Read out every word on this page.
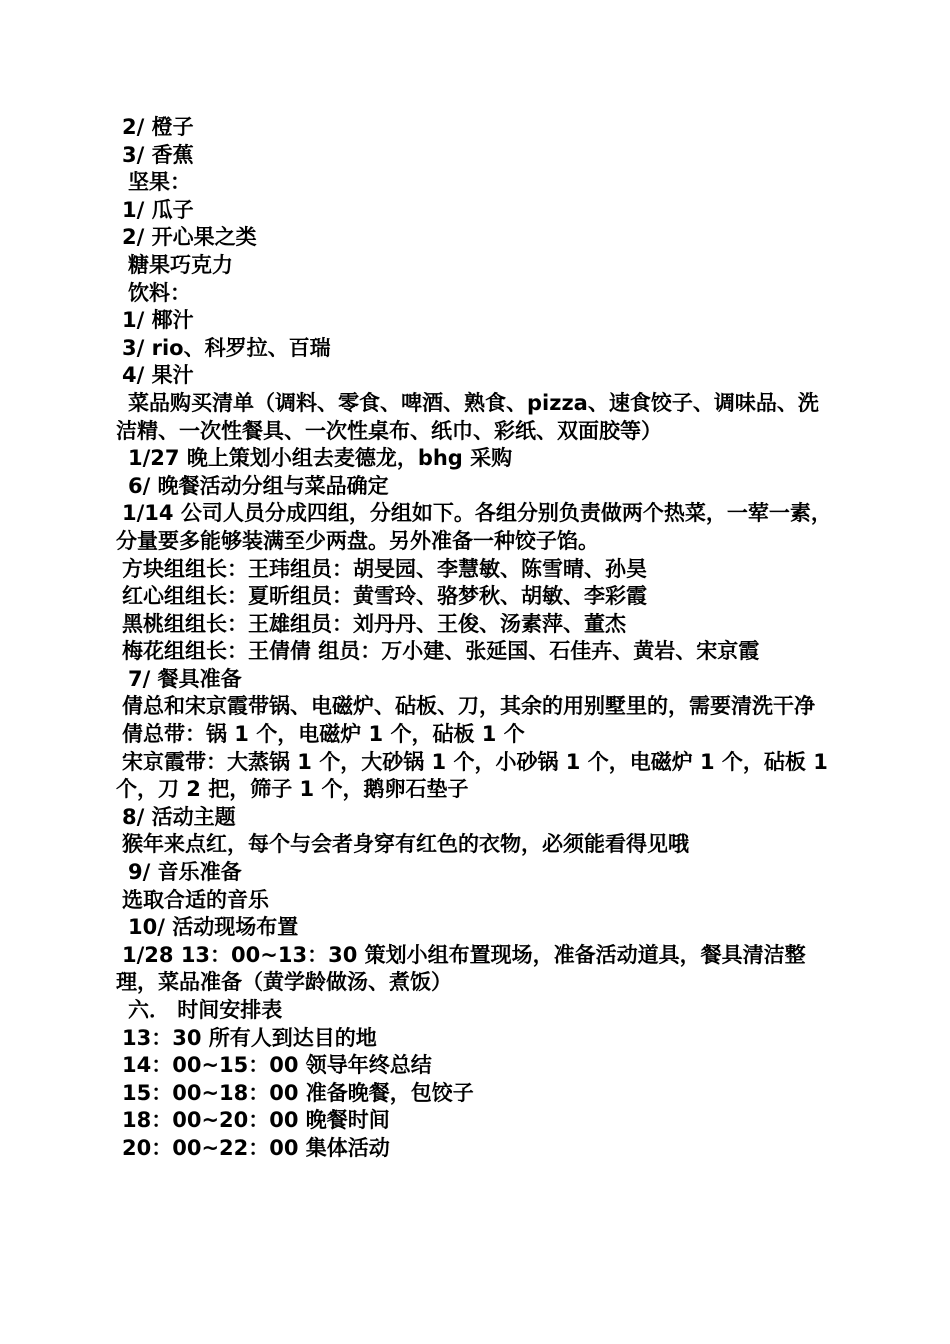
2/ 橙子

3/ 香蕉

坚果：

1/ 瓜子

2/ 开心果之类

糖果巧克力

饮料：

1/ 椰汁

3/ rio、科罗拉、百瑞

4/ 果汁

菜品购买清单（调料、零食、啤酒、熟食、pizza、速食饺子、调味品、洗洁精、一次性餐具、一次性桌布、纸巾、彩纸、双面胶等）

1/27 晚上策划小组去麦德龙，bhg 采购

6/ 晚餐活动分组与菜品确定

1/14 公司人员分成四组，分组如下。各组分别负责做两个热菜，一荤一素，分量要多能够装满至少两盘。另外准备一种饺子馅。

方块组组长：王玮组员：胡旻园、李慧敏、陈雪晴、孙昊

红心组组长：夏昕组员：黄雪玲、骆梦秋、胡敏、李彩霞

黑桃组组长：王雄组员：刘丹丹、王俊、汤素萍、董杰

梅花组组长：王倩倩 组员：万小建、张延国、石佳卉、黄岩、宋京霞

7/ 餐具准备

倩总和宋京霞带锅、电磁炉、砧板、刀，其余的用别墅里的，需要清洗干净

倩总带：锅 1 个，电磁炉 1 个，砧板 1 个

宋京霞带：大蒸锅 1 个，大砂锅 1 个，小砂锅 1 个，电磁炉 1 个，砧板 1 个，刀 2 把，筛子 1 个，鹅卵石垫子

8/ 活动主题

猴年来点红，每个与会者身穿有红色的衣物，必须能看得见哦

9/ 音乐准备

选取合适的音乐

10/ 活动现场布置

1/28 13：00~13：30 策划小组布置现场，准备活动道具，餐具清洁整理，菜品准备（黄学龄做汤、煮饭）

六． 时间安排表

13：30 所有人到达目的地

14：00~15：00 领导年终总结

15：00~18：00 准备晚餐，包饺子

18：00~20：00 晚餐时间

20：00~22：00 集体活动
